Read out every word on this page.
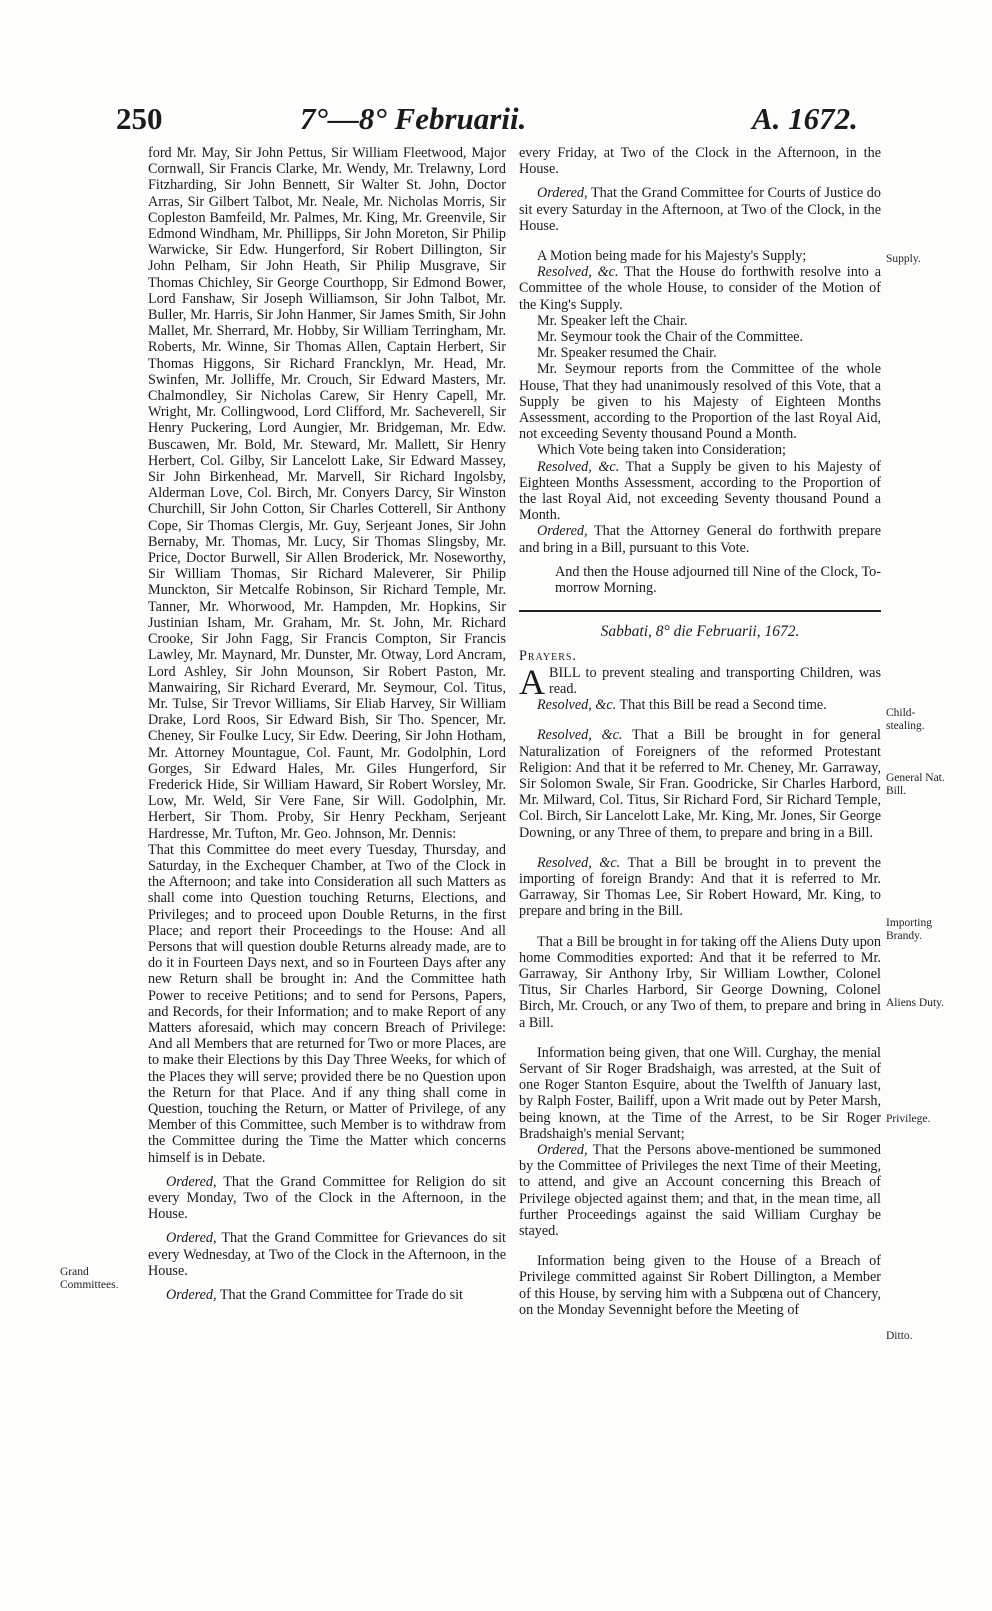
250	7°—8° Februarii.	A. 1672.

ford Mr. May, Sir John Pettus, Sir William Fleetwood, Major Cornwall, Sir Francis Clarke, Mr. Wendy, Mr. Trelawny, Lord Fitzharding, Sir John Bennett, Sir Walter St. John, Doctor Arras, Sir Gilbert Talbot, Mr. Neale, Mr. Nicholas Morris, Sir Copleston Bamfeild, Mr. Palmes, Mr. King, Mr. Greenvile, Sir Edmond Windham, Mr. Phillipps, Sir John Moreton, Sir Philip Warwicke, Sir Edw. Hungerford, Sir Robert Dillington, Sir John Pelham, Sir John Heath, Sir Philip Musgrave, Sir Thomas Chichley, Sir George Courthopp, Sir Edmond Bower, Lord Fanshaw, Sir Joseph Williamson, Sir John Talbot, Mr. Buller, Mr. Harris, Sir John Hanmer, Sir James Smith, Sir John Mallet, Mr. Sherrard, Mr. Hobby, Sir William Terringham, Mr. Roberts, Mr. Winne, Sir Thomas Allen, Captain Herbert, Sir Thomas Higgons, Sir Richard Francklyn, Mr. Head, Mr. Swinfen, Mr. Jolliffe, Mr. Crouch, Sir Edward Masters, Mr. Chalmondley, Sir Nicholas Carew, Sir Henry Capell, Mr. Wright, Mr. Collingwood, Lord Clifford, Mr. Sacheverell, Sir Henry Puckering, Lord Aungier, Mr. Bridgeman, Mr. Edw. Buscawen, Mr. Bold, Mr. Steward, Mr. Mallett, Sir Henry Herbert, Col. Gilby, Sir Lancelott Lake, Sir Edward Massey, Sir John Birkenhead, Mr. Marvell, Sir Richard Ingolsby, Alderman Love, Col. Birch, Mr. Conyers Darcy, Sir Winston Churchill, Sir John Cotton, Sir Charles Cotterell, Sir Anthony Cope, Sir Thomas Clergis, Mr. Guy, Serjeant Jones, Sir John Bernaby, Mr. Thomas, Mr. Lucy, Sir Thomas Slingsby, Mr. Price, Doctor Burwell, Sir Allen Broderick, Mr. Noseworthy, Sir William Thomas, Sir Richard Maleverer, Sir Philip Munckton, Sir Metcalfe Robinson, Sir Richard Temple, Mr. Tanner, Mr. Whorwood, Mr. Hampden, Mr. Hopkins, Sir Justinian Isham, Mr. Graham, Mr. St. John, Mr. Richard Crooke, Sir John Fagg, Sir Francis Compton, Sir Francis Lawley, Mr. Maynard, Mr. Dunster, Mr. Otway, Lord Ancram, Lord Ashley, Sir John Mounson, Sir Robert Paston, Mr. Manwairing, Sir Richard Everard, Mr. Seymour, Col. Titus, Mr. Tulse, Sir Trevor Williams, Sir Eliab Harvey, Sir William Drake, Lord Roos, Sir Edward Bish, Sir Tho. Spencer, Mr. Cheney, Sir Foulke Lucy, Sir Edw. Deering, Sir John Hotham, Mr. Attorney Mountague, Col. Faunt, Mr. Godolphin, Lord Gorges, Sir Edward Hales, Mr. Giles Hungerford, Sir Frederick Hide, Sir William Haward, Sir Robert Worsley, Mr. Low, Mr. Weld, Sir Vere Fane, Sir Will. Godolphin, Mr. Herbert, Sir Thom. Proby, Sir Henry Peckham, Serjeant Hardresse, Mr. Tufton, Mr. Geo. Johnson, Mr. Dennis:

That this Committee do meet every Tuesday, Thursday, and Saturday, in the Exchequer Chamber, at Two of the Clock in the Afternoon; and take into Consideration all such Matters as shall come into Question touching Returns, Elections, and Privileges; and to proceed upon Double Returns, in the first Place; and report their Proceedings to the House: And all Persons that will question double Returns already made, are to do it in Fourteen Days next, and so in Fourteen Days after any new Return shall be brought in: And the Committee hath Power to receive Petitions; and to send for Persons, Papers, and Records, for their Information; and to make Report of any Matters aforesaid, which may concern Breach of Privilege: And all Members that are returned for Two or more Places, are to make their Elections by this Day Three Weeks, for which of the Places they will serve; provided there be no Question upon the Return for that Place. And if any thing shall come in Question, touching the Return, or Matter of Privilege, of any Member of this Committee, such Member is to withdraw from the Committee during the Time the Matter which concerns himself is in Debate.

Ordered, That the Grand Committee for Religion do sit every Monday, Two of the Clock in the Afternoon, in the House.

Ordered, That the Grand Committee for Grievances do sit every Wednesday, at Two of the Clock in the Afternoon, in the House.

Ordered, That the Grand Committee for Trade do sit

every Friday, at Two of the Clock in the Afternoon, in the House.

Ordered, That the Grand Committee for Courts of Justice do sit every Saturday in the Afternoon, at Two of the Clock, in the House.

A Motion being made for his Majesty's Supply;

Resolved, &c. That the House do forthwith resolve into a Committee of the whole House, to consider of the Motion of the King's Supply.

Mr. Speaker left the Chair.

Mr. Seymour took the Chair of the Committee.

Mr. Speaker resumed the Chair.

Mr. Seymour reports from the Committee of the whole House, That they had unanimously resolved of this Vote, that a Supply be given to his Majesty of Eighteen Months Assessment, according to the Proportion of the last Royal Aid, not exceeding Seventy thousand Pound a Month.

Which Vote being taken into Consideration;

Resolved, &c. That a Supply be given to his Majesty of Eighteen Months Assessment, according to the Proportion of the last Royal Aid, not exceeding Seventy thousand Pound a Month.

Ordered, That the Attorney General do forthwith prepare and bring in a Bill, pursuant to this Vote.

And then the House adjourned till Nine of the Clock, To-morrow Morning.

Sabbati, 8° die Februarii, 1672.

Prayers.

ABILL to prevent stealing and transporting Children, was read.

Resolved, &c. That this Bill be read a Second time.

Resolved, &c. That a Bill be brought in for general Naturalization of Foreigners of the reformed Protestant Religion: And that it be referred to Mr. Cheney, Mr. Garraway, Sir Solomon Swale, Sir Fran. Goodricke, Sir Charles Harbord, Mr. Milward, Col. Titus, Sir Richard Ford, Sir Richard Temple, Col. Birch, Sir Lancelott Lake, Mr. King, Mr. Jones, Sir George Downing, or any Three of them, to prepare and bring in a Bill.

Resolved, &c. That a Bill be brought in to prevent the importing of foreign Brandy: And that it is referred to Mr. Garraway, Sir Thomas Lee, Sir Robert Howard, Mr. King, to prepare and bring in the Bill.

That a Bill be brought in for taking off the Aliens Duty upon home Commodities exported: And that it be referred to Mr. Garraway, Sir Anthony Irby, Sir William Lowther, Colonel Titus, Sir Charles Harbord, Sir George Downing, Colonel Birch, Mr. Crouch, or any Two of them, to prepare and bring in a Bill.

Information being given, that one Will. Curghay, the menial Servant of Sir Roger Bradshaigh, was arrested, at the Suit of one Roger Stanton Esquire, about the Twelfth of January last, by Ralph Foster, Bailiff, upon a Writ made out by Peter Marsh, being known, at the Time of the Arrest, to be Sir Roger Bradshaigh's menial Servant;

Ordered, That the Persons above-mentioned be summoned by the Committee of Privileges the next Time of their Meeting, to attend, and give an Account concerning this Breach of Privilege objected against them; and that, in the mean time, all further Proceedings against the said William Curghay be stayed.

Information being given to the House of a Breach of Privilege committed against Sir Robert Dillington, a Member of this House, by serving him with a Subpœna out of Chancery, on the Monday Sevennight before the Meeting of

Grand Committees.
Supply.
Child-stealing.
General Nat. Bill.
Importing Brandy.
Aliens Duty.
Privilege.
Ditto.
